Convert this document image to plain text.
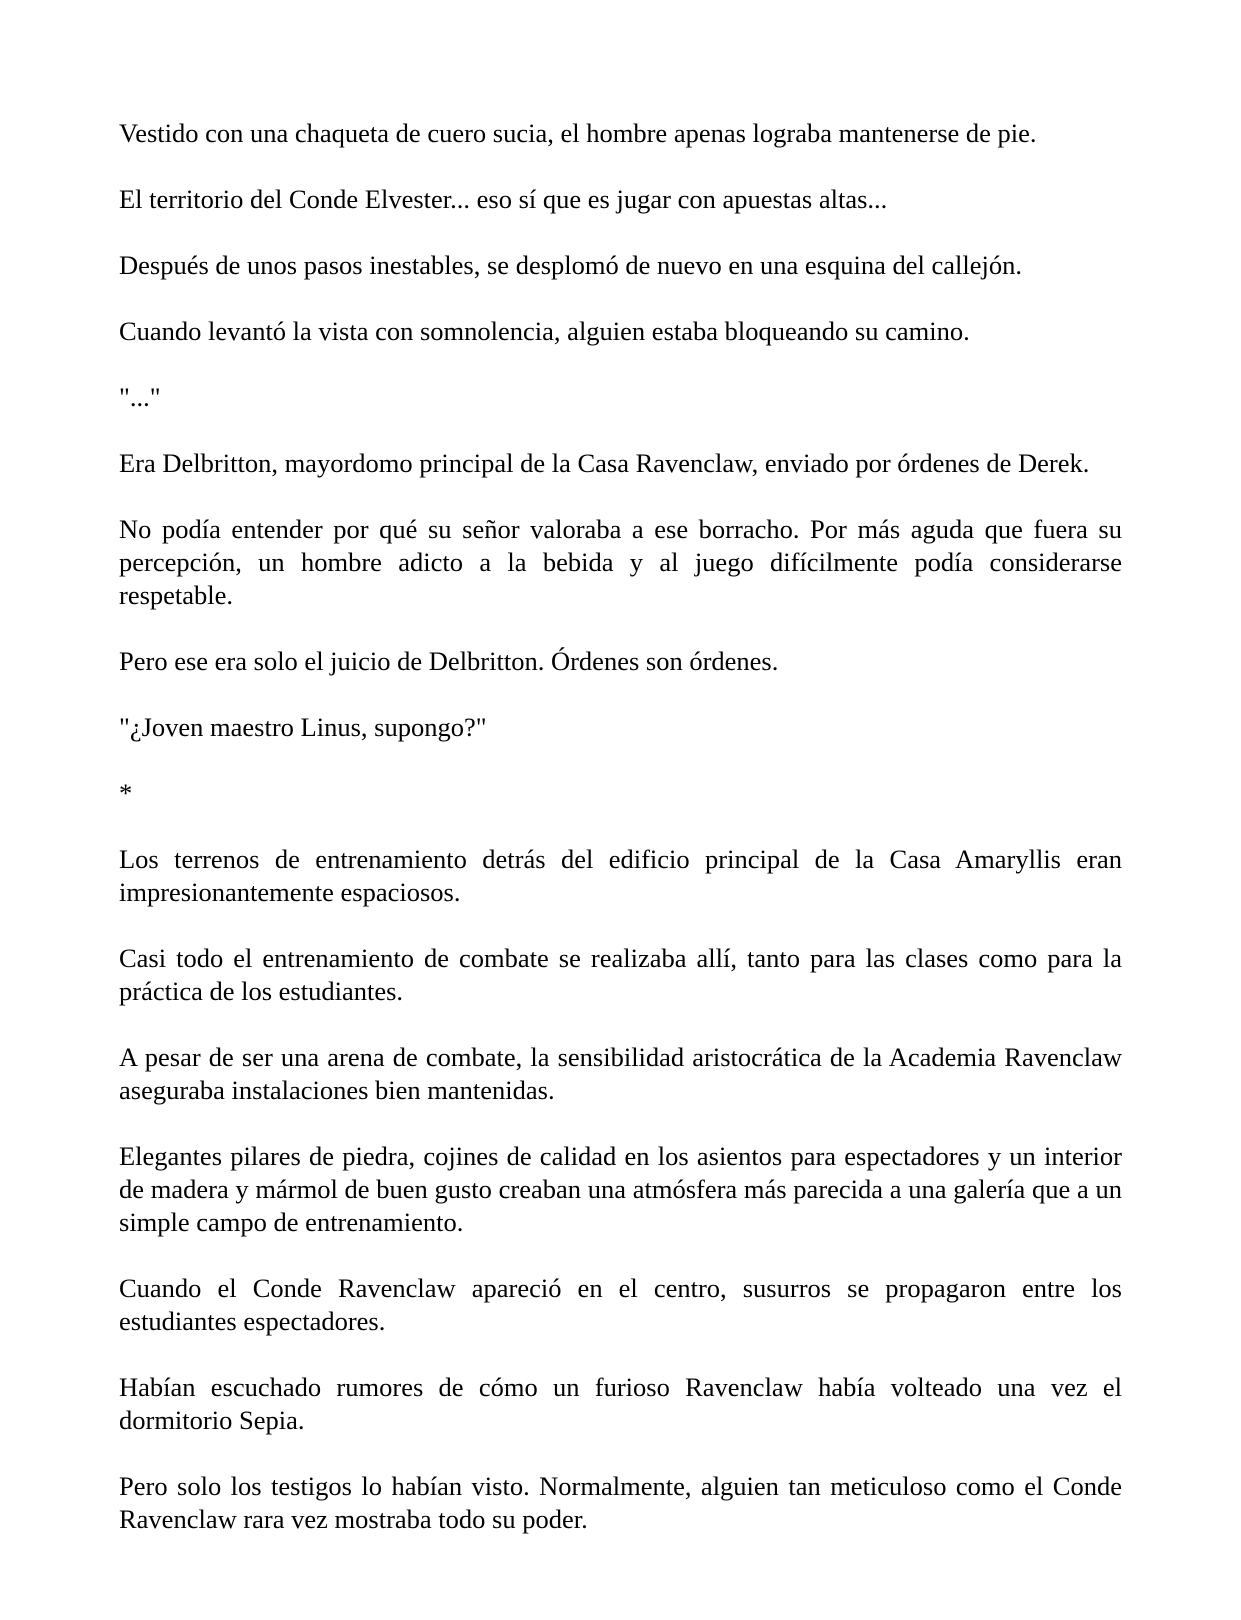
Vestido con una chaqueta de cuero sucia, el hombre apenas lograba mantenerse de pie.

El territorio del Conde Elvester... eso sí que es jugar con apuestas altas...

Después de unos pasos inestables, se desplomó de nuevo en una esquina del callejón.

Cuando levantó la vista con somnolencia, alguien estaba bloqueando su camino.

"..."

Era Delbritton, mayordomo principal de la Casa Ravenclaw, enviado por órdenes de Derek.

No podía entender por qué su señor valoraba a ese borracho. Por más aguda que fuera su percepción, un hombre adicto a la bebida y al juego difícilmente podía considerarse respetable.

Pero ese era solo el juicio de Delbritton. Órdenes son órdenes.

"¿Joven maestro Linus, supongo?"

*

Los terrenos de entrenamiento detrás del edificio principal de la Casa Amaryllis eran impresionantemente espaciosos.

Casi todo el entrenamiento de combate se realizaba allí, tanto para las clases como para la práctica de los estudiantes.

A pesar de ser una arena de combate, la sensibilidad aristocrática de la Academia Ravenclaw aseguraba instalaciones bien mantenidas.

Elegantes pilares de piedra, cojines de calidad en los asientos para espectadores y un interior de madera y mármol de buen gusto creaban una atmósfera más parecida a una galería que a un simple campo de entrenamiento.

Cuando el Conde Ravenclaw apareció en el centro, susurros se propagaron entre los estudiantes espectadores.

Habían escuchado rumores de cómo un furioso Ravenclaw había volteado una vez el dormitorio Sepia.

Pero solo los testigos lo habían visto. Normalmente, alguien tan meticuloso como el Conde Ravenclaw rara vez mostraba todo su poder.
